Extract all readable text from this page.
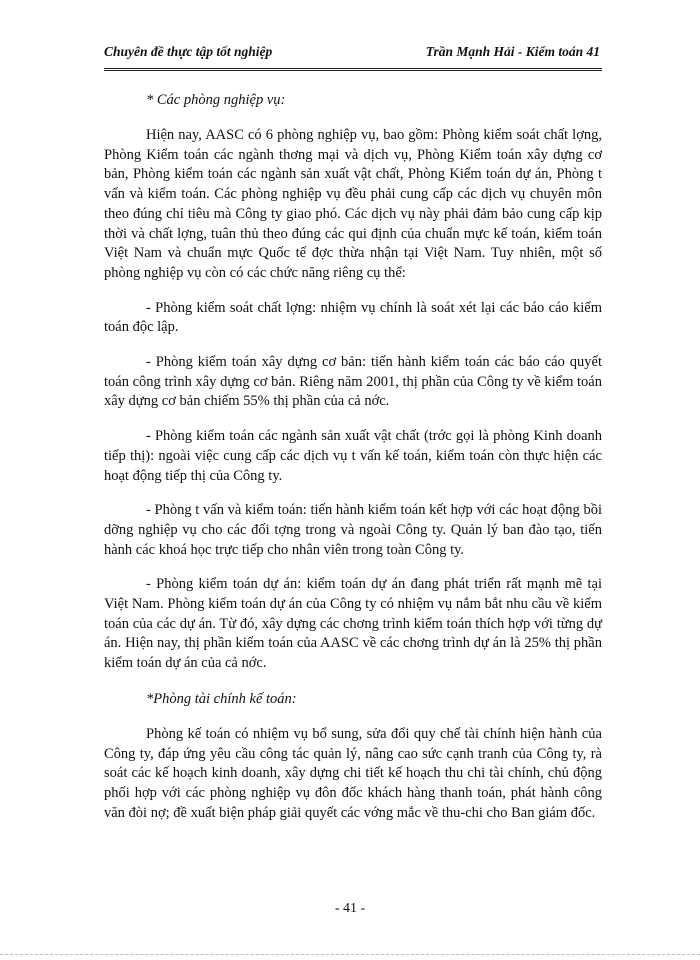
Chuyên đề thực tập tốt nghiệp	Trần Mạnh Hải - Kiểm toán 41

* Các phòng nghiệp vụ:

Hiện nay, AASC có 6 phòng nghiệp vụ, bao gồm: Phòng kiểm soát chất lợng, Phòng Kiểm toán các ngành thơng mại và dịch vụ, Phòng Kiểm toán xây dựng cơ bản, Phòng kiểm toán các ngành sản xuất vật chất, Phòng Kiểm toán dự án, Phòng t vấn và kiểm toán. Các phòng nghiệp vụ đều phải cung cấp các dịch vụ chuyên môn theo đúng chỉ tiêu mà Công ty giao phó. Các dịch vụ này phải đảm bảo cung cấp kịp thời và chất lợng, tuân thủ theo đúng các qui định của chuẩn mực kế toán, kiểm toán Việt Nam và chuẩn mực Quốc tế đợc thừa nhận tại Việt Nam. Tuy nhiên, một số phòng nghiệp vụ còn có các chức năng riêng cụ thể:

- Phòng kiểm soát chất lợng: nhiệm vụ chính là soát xét lại các báo cáo kiểm toán độc lập.

- Phòng kiểm toán xây dựng cơ bản: tiến hành kiểm toán các báo cáo quyết toán công trình xây dựng cơ bản. Riêng năm 2001, thị phần của Công ty về kiểm toán xây dựng cơ bản chiếm 55% thị phần của cả nớc.

- Phòng kiểm toán các ngành sản xuất vật chất (trớc gọi là phòng Kinh doanh tiếp thị): ngoài việc cung cấp các dịch vụ t vấn kế toán, kiểm toán còn thực hiện các hoạt động tiếp thị của Công ty.

- Phòng t vấn và kiểm toán: tiến hành kiểm toán kết hợp với các hoạt động bồi dỡng nghiệp vụ cho các đối tợng trong và ngoài Công ty. Quản lý ban đào tạo, tiến hành các khoá học trực tiếp cho nhân viên trong toàn Công ty.

- Phòng kiểm toán dự án: kiểm toán dự án đang phát triển rất mạnh mẽ tại Việt Nam. Phòng kiểm toán dự án của Công ty có nhiệm vụ nắm bắt nhu cầu về kiểm toán của các dự án. Từ đó, xây dựng các chơng trình kiểm toán thích hợp với từng dự án. Hiện nay, thị phần kiểm toán của AASC về các chơng trình dự án là 25% thị phần kiểm toán dự án của cả nớc.

*Phòng tài chính kế toán:

Phòng kế toán có nhiệm vụ bổ sung, sửa đổi quy chế tài chính hiện hành của Công ty, đáp ứng yêu cầu công tác quản lý, nâng cao sức cạnh tranh của Công ty, rà soát các kế hoạch kinh doanh, xây dựng chi tiết kế hoạch thu chi tài chính, chủ động phối hợp với các phòng nghiệp vụ đôn đốc khách hàng thanh toán, phát hành công văn đòi nợ; đề xuất biện pháp giải quyết các vớng mắc về thu-chi cho Ban giám đốc.

- 41 -
